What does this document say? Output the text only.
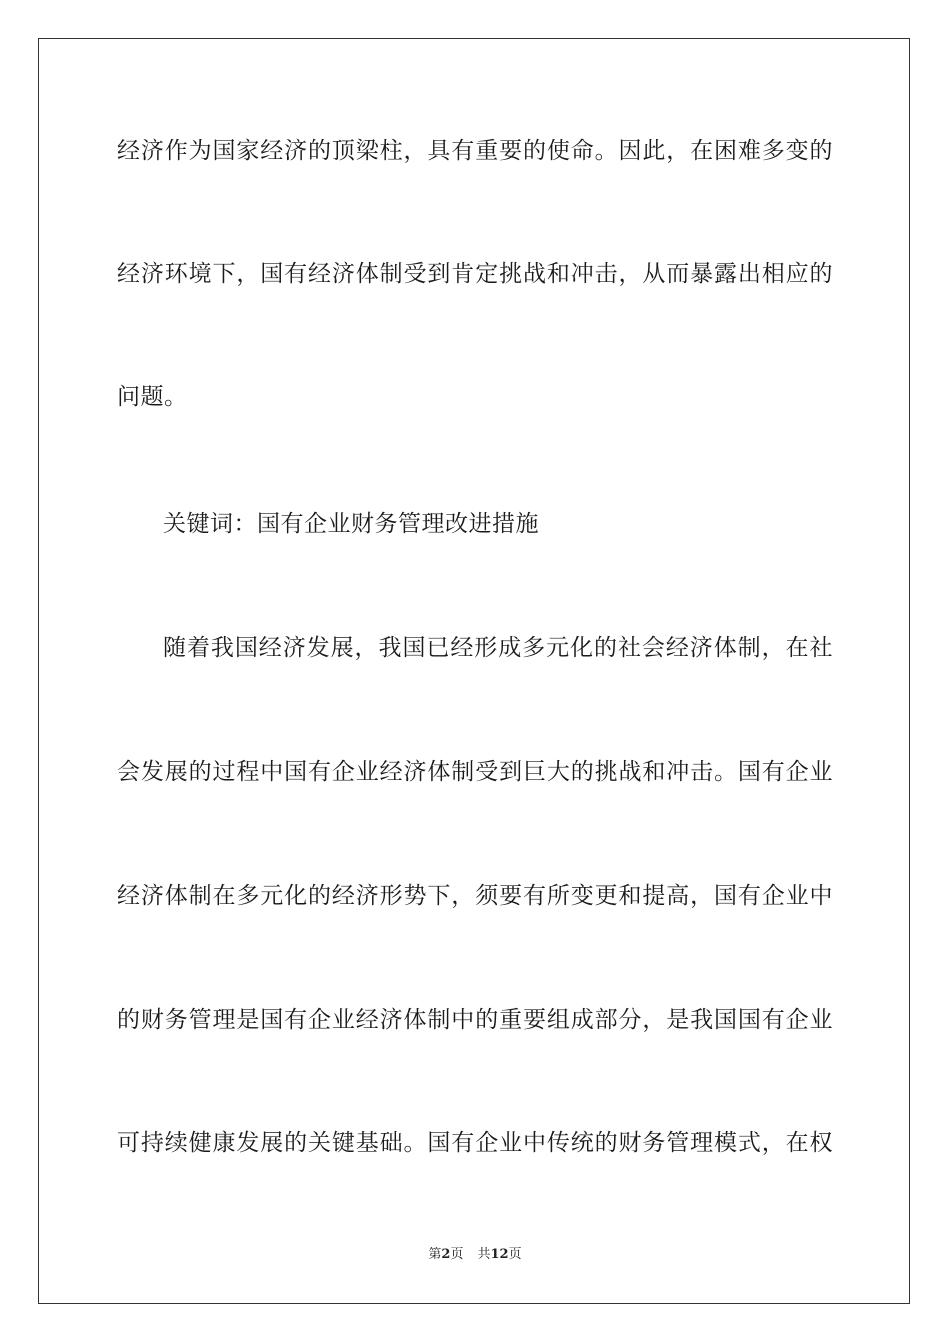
经济作为国家经济的顶梁柱，具有重要的使命。因此，在困难多变的
经济环境下，国有经济体制受到肯定挑战和冲击，从而暴露出相应的
问题。
关键词：国有企业财务管理改进措施
随着我国经济发展，我国已经形成多元化的社会经济体制，在社
会发展的过程中国有企业经济体制受到巨大的挑战和冲击。国有企业
经济体制在多元化的经济形势下，须要有所变更和提高，国有企业中
的财务管理是国有企业经济体制中的重要组成部分，是我国国有企业
可持续健康发展的关键基础。国有企业中传统的财务管理模式，在权
第2页 共12页
